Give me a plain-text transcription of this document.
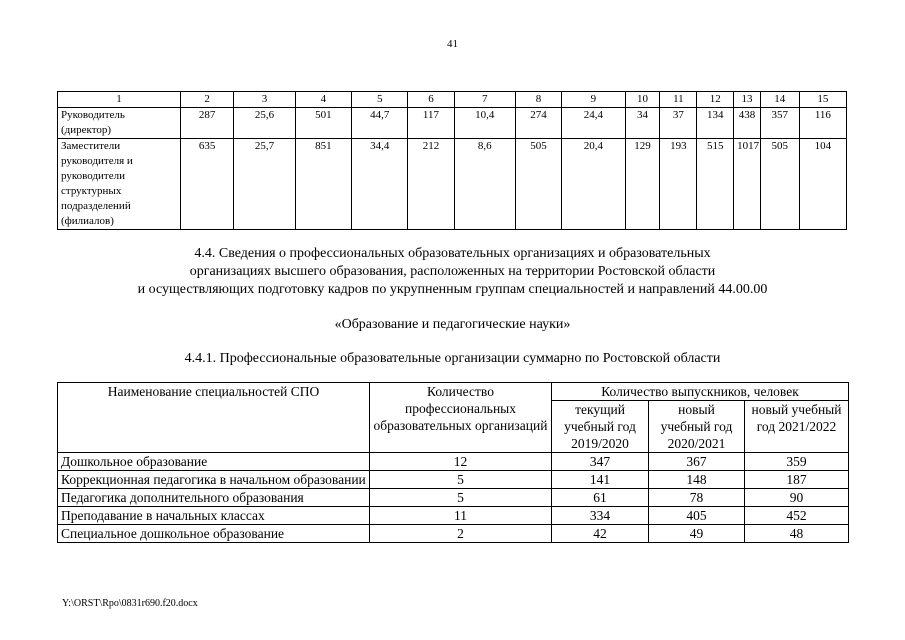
41
1	2	3	4	5	6	7	8	9	10	11	12	13	14	15
Руководитель (директор)	287	25,6	501	44,7	117	10,4	274	24,4	34	37	134	438	357	116
Заместители руководителя и руководители структурных подразделений (филиалов)	635	25,7	851	34,4	212	8,6	505	20,4	129	193	515	1017	505	104
4.4. Сведения о профессиональных образовательных организациях и образовательных
организациях высшего образования, расположенных на территории Ростовской области
и осуществляющих подготовку кадров по укрупненным группам специальностей и направлений 44.00.00
«Образование и педагогические науки»
4.4.1. Профессиональные образовательные организации суммарно по Ростовской области
Наименование специальностей СПО	Количество профессиональных образовательных организаций	Количество выпускников, человек		
		текущий учебный год 2019/2020	новый учебный год 2020/2021	новый учебный год 2021/2022
Дошкольное образование	12	347	367	359
Коррекционная педагогика в начальном образовании	5	141	148	187
Педагогика дополнительного образования	5	61	78	90
Преподавание в начальных классах	11	334	405	452
Специальное дошкольное образование	2	42	49	48
Y:\ORST\Rpo\0831r690.f20.docx
